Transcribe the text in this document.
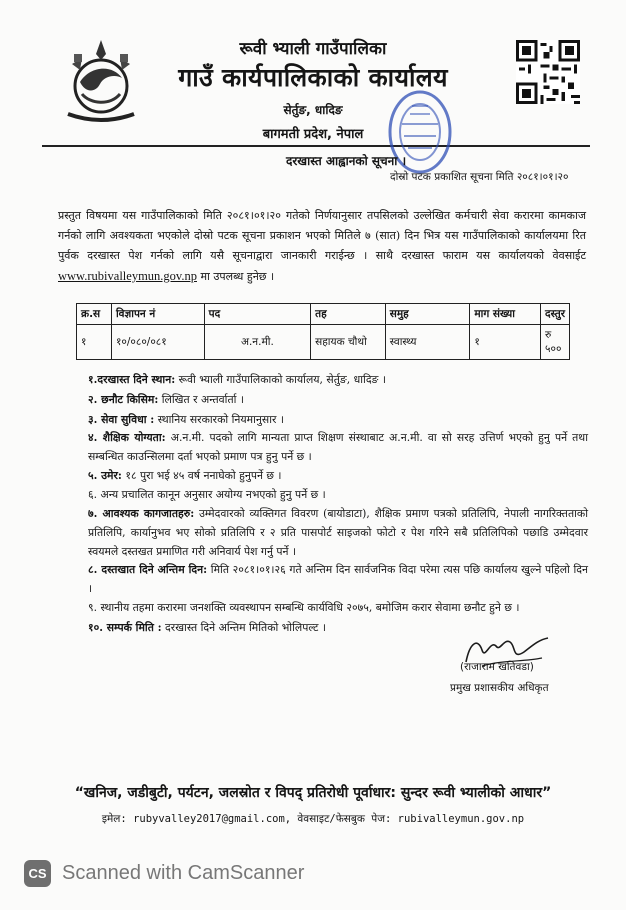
रूवी भ्याली गाउँपालिका
गाउँ कार्यपालिकाको कार्यालय
सेर्तुङ, धादिङ
बागमती प्रदेश, नेपाल
दरखास्त आह्वानको सूचना ।
दोस्रो पटक प्रकाशित सूचना मिति २०८१।०१।२०
प्रस्तुत विषयमा यस गाउँपालिकाको मिति २०८१।०१।२० गतेको निर्णयानुसार तपसिलको उल्लेखित कर्मचारी सेवा करारमा कामकाज गर्नको लागि अवश्यकता भएकोले दोस्रो पटक सूचना प्रकाशन भएको मितिले ७ (सात) दिन भित्र यस गाउँपालिकाको कार्यालयमा रित पुर्वक दरखास्त पेश गर्नको लागि यसै सूचनाद्वारा जानकारी गराईन्छ । साथै दरखास्त फाराम यस कार्यालयको वेवसाईट www.rubivalleymun.gov.np मा उपलब्ध हुनेछ ।
क्र.स	विज्ञापन नं	पद	तह	समुह	माग संख्या	दस्तुर
१	१०/०८०/०८१	अ.न.मी.	सहायक चौथो	स्वास्थ्य	१	रु ५००
१.दरखास्त दिने स्थान: रूवी भ्याली गाउँपालिकाको कार्यालय, सेर्तुङ, धादिङ ।
२. छनौट किसिम: लिखित र अन्तर्वार्ता ।
३. सेवा सुविधा : स्थानिय सरकारको नियमानुसार ।
४. शैक्षिक योग्यता: अ.न.मी. पदको लागि मान्यता प्राप्त शिक्षण संस्थाबाट अ.न.मी. वा सो सरह उत्तिर्ण भएको हुनु पर्ने तथा सम्बन्धित काउन्सिलमा दर्ता भएको प्रमाण पत्र हुनु पर्ने छ ।
५. उमेर: १८ पुरा भई ४५ वर्ष ननाघेको हुनुपर्ने छ ।
६. अन्य प्रचालित कानून अनुसार अयोग्य नभएको हुनु पर्ने छ ।
७. आवश्यक कागजातहरु: उम्मेदवारको व्यक्तिगत विवरण (बायोडाटा), शैक्षिक प्रमाण पत्रको प्रतिलिपि, नेपाली नागरिक्तताको प्रतिलिपि, कार्यानुभव भए सोको प्रतिलिपि र २ प्रति पासपोर्ट साइजको फोटो र पेश गरिने सबै प्रतिलिपिको पछाडि उम्मेदवार स्वयमले दस्तखत प्रमाणित गरी अनिवार्य पेश गर्नु पर्ने ।
८. दस्तखात दिने अन्तिम दिन: मिति २०८१।०१।२६ गते अन्तिम दिन सार्वजनिक विदा परेमा त्यस पछि कार्यालय खुल्ने पहिलो दिन ।
९. स्थानीय तहमा करारमा जनशक्ति व्यवस्थापन सम्बन्धि कार्यविधि २०७५, बमोजिम करार सेवामा छनौट हुने छ ।
१०. सम्पर्क मिति : दरखास्त दिने अन्तिम मितिको भोलिपल्ट ।
(राजाराम खतिवडा)
प्रमुख प्रशासकीय अधिकृत
“खनिज, जडीबुटी, पर्यटन, जलस्रोत र विपद् प्रतिरोधी पूर्वाधार: सुन्दर रूवी भ्यालीको आधार”
इमेल: rubyvalley2017@gmail.com, वेवसाइट/फेसबुक पेज: rubivalleymun.gov.np
CS Scanned with CamScanner
